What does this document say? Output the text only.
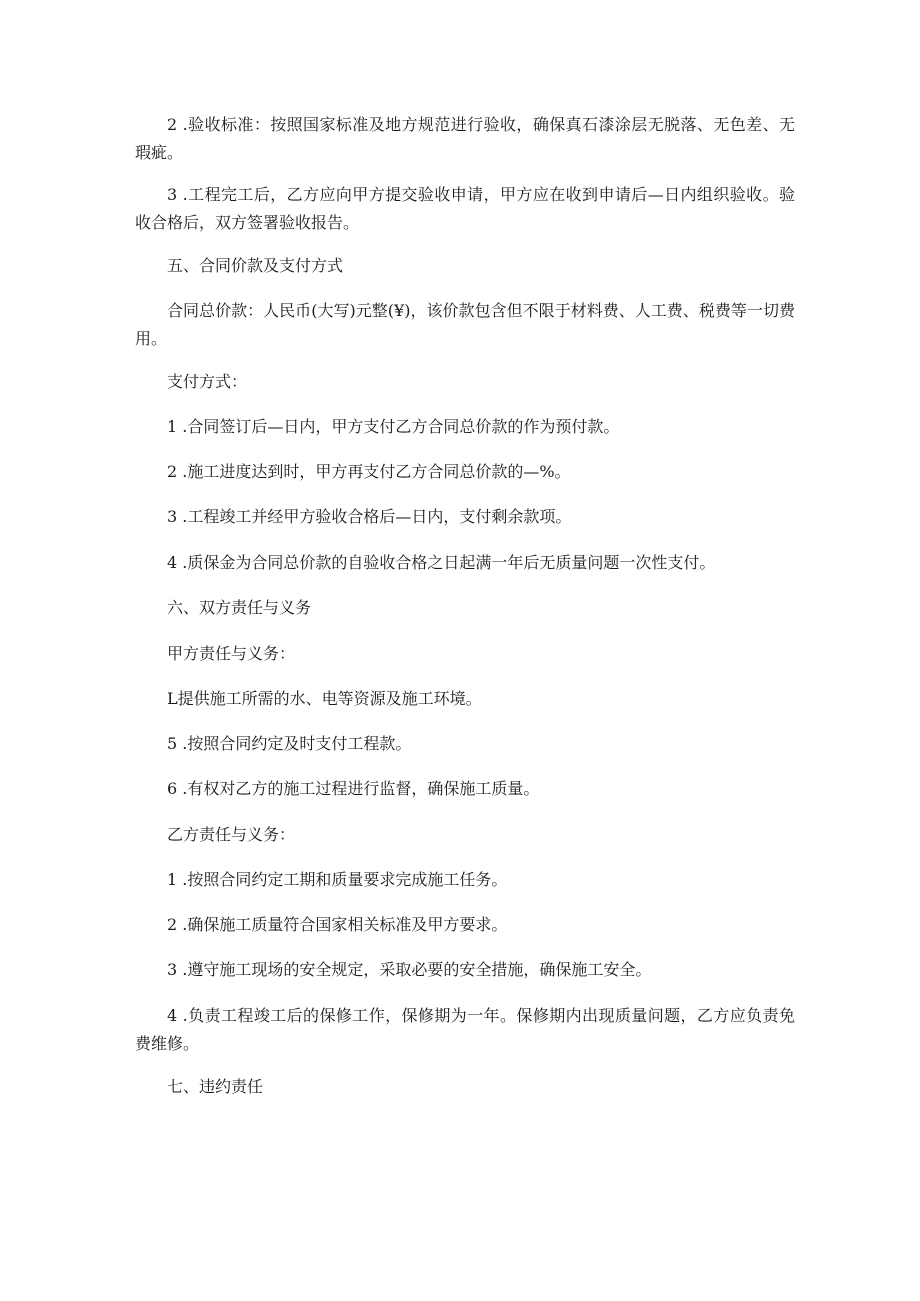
2 .验收标准：按照国家标准及地方规范进行验收，确保真石漆涂层无脱落、无色差、无瑕疵。

3 .工程完工后，乙方应向甲方提交验收申请，甲方应在收到申请后—日内组织验收。验收合格后，双方签署验收报告。

五、合同价款及支付方式

合同总价款：人民币(大写)元整(¥)，该价款包含但不限于材料费、人工费、税费等一切费用。

支付方式：

1 .合同签订后—日内，甲方支付乙方合同总价款的作为预付款。

2 .施工进度达到时，甲方再支付乙方合同总价款的—%。

3 .工程竣工并经甲方验收合格后—日内，支付剩余款项。

4 .质保金为合同总价款的自验收合格之日起满一年后无质量问题一次性支付。

六、双方责任与义务

甲方责任与义务：

L提供施工所需的水、电等资源及施工环境。

5 .按照合同约定及时支付工程款。

6 .有权对乙方的施工过程进行监督，确保施工质量。

乙方责任与义务：

1 .按照合同约定工期和质量要求完成施工任务。

2 .确保施工质量符合国家相关标准及甲方要求。

3 .遵守施工现场的安全规定，采取必要的安全措施，确保施工安全。

4 .负责工程竣工后的保修工作，保修期为一年。保修期内出现质量问题，乙方应负责免费维修。

七、违约责任
